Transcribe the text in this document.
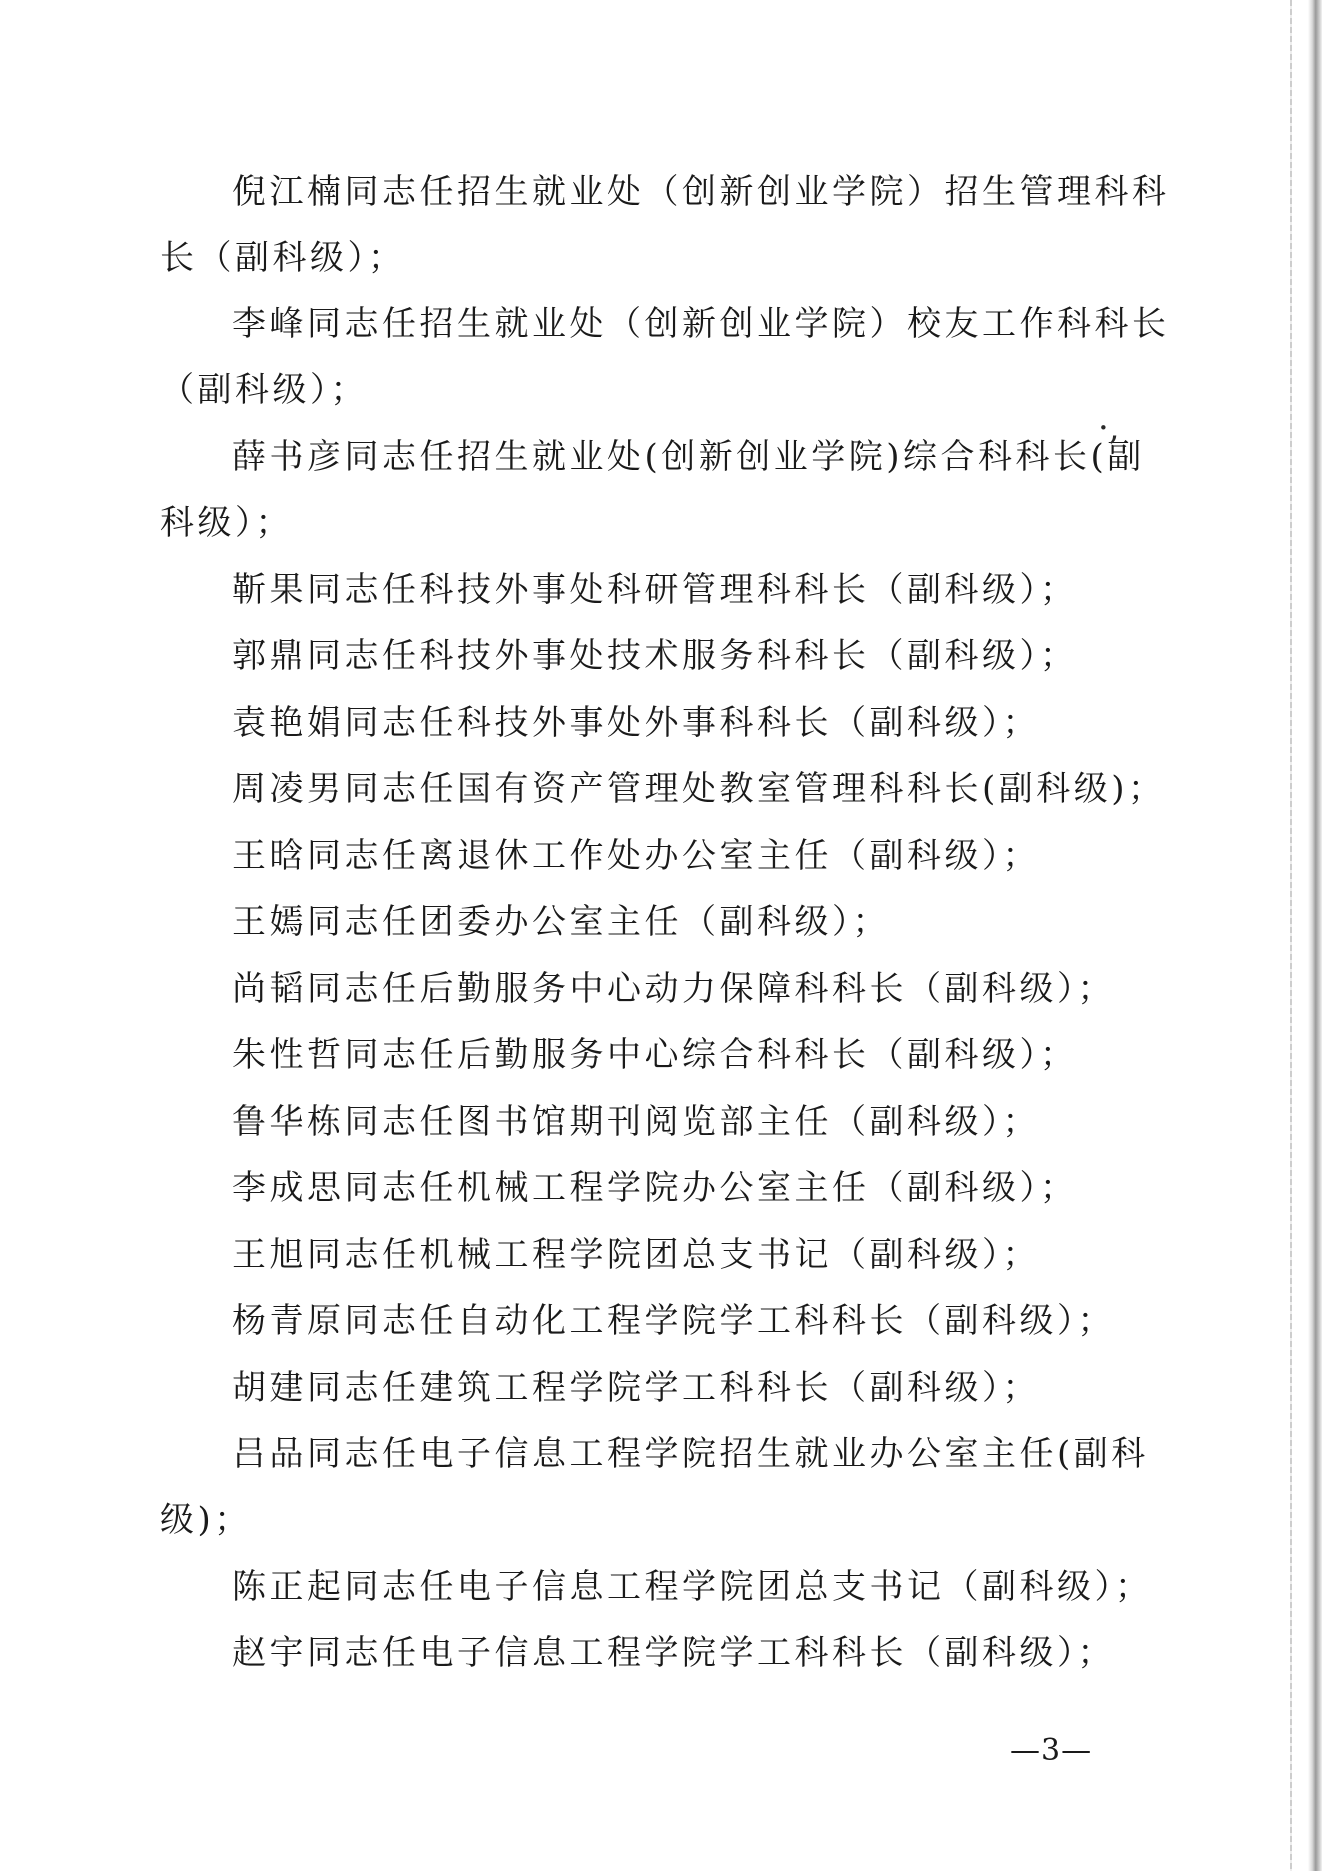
倪江楠同志任招生就业处（创新创业学院）招生管理科科
长（副科级）；
李峰同志任招生就业处（创新创业学院）校友工作科科长
（副科级）；
薛书彦同志任招生就业处(创新创业学院)综合科科长(副
科级）；
靳果同志任科技外事处科研管理科科长（副科级）；
郭鼎同志任科技外事处技术服务科科长（副科级）；
袁艳娟同志任科技外事处外事科科长（副科级）；
周凌男同志任国有资产管理处教室管理科科长(副科级)；
王晗同志任离退休工作处办公室主任（副科级）；
王嫣同志任团委办公室主任（副科级）；
尚韬同志任后勤服务中心动力保障科科长（副科级）；
朱性哲同志任后勤服务中心综合科科长（副科级）；
鲁华栋同志任图书馆期刊阅览部主任（副科级）；
李成思同志任机械工程学院办公室主任（副科级）；
王旭同志任机械工程学院团总支书记（副科级）；
杨青原同志任自动化工程学院学工科科长（副科级）；
胡建同志任建筑工程学院学工科科长（副科级）；
吕品同志任电子信息工程学院招生就业办公室主任(副科
级)；
陈正起同志任电子信息工程学院团总支书记（副科级）；
赵宇同志任电子信息工程学院学工科科长（副科级）；
·,
—3—
